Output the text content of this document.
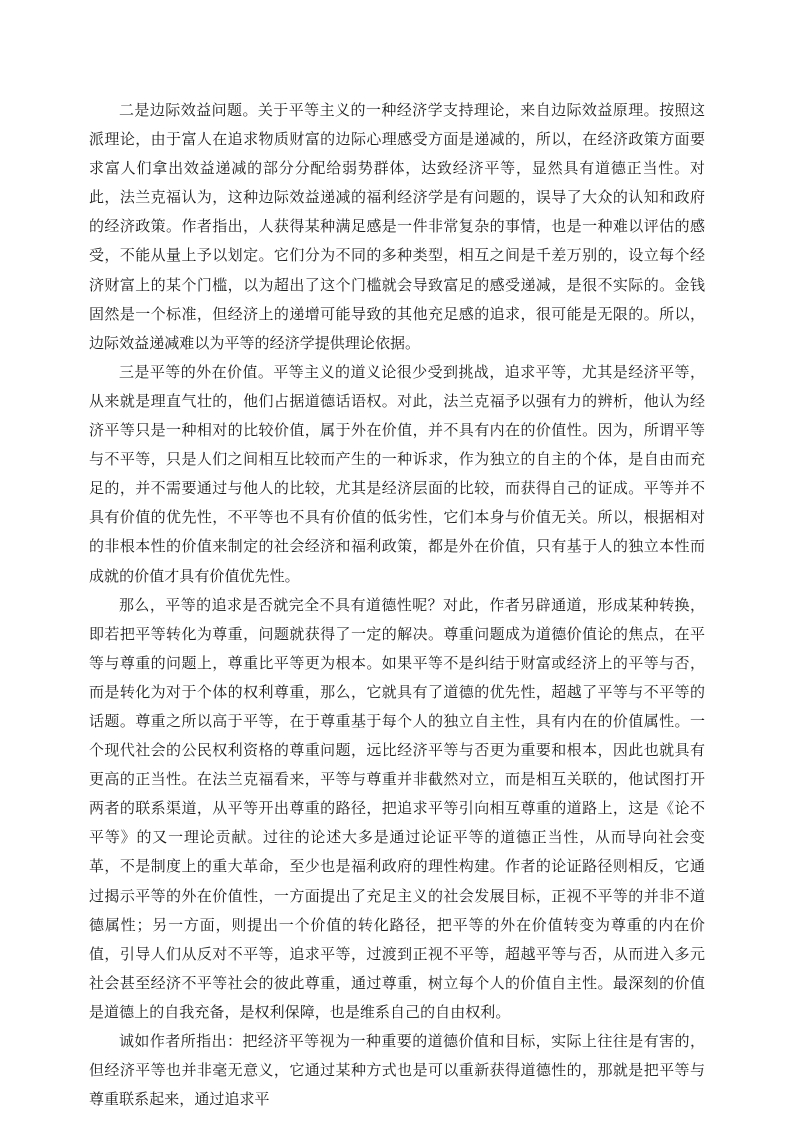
二是边际效益问题。关于平等主义的一种经济学支持理论，来自边际效益原理。按照这派理论，由于富人在追求物质财富的边际心理感受方面是递减的，所以，在经济政策方面要求富人们拿出效益递减的部分分配给弱势群体，达致经济平等，显然具有道德正当性。对此，法兰克福认为，这种边际效益递减的福利经济学是有问题的，误导了大众的认知和政府的经济政策。作者指出，人获得某种满足感是一件非常复杂的事情，也是一种难以评估的感受，不能从量上予以划定。它们分为不同的多种类型，相互之间是千差万别的，设立每个经济财富上的某个门槛，以为超出了这个门槛就会导致富足的感受递减，是很不实际的。金钱固然是一个标准，但经济上的递增可能导致的其他充足感的追求，很可能是无限的。所以，边际效益递减难以为平等的经济学提供理论依据。

三是平等的外在价值。平等主义的道义论很少受到挑战，追求平等，尤其是经济平等，从来就是理直气壮的，他们占据道德话语权。对此，法兰克福予以强有力的辨析，他认为经济平等只是一种相对的比较价值，属于外在价值，并不具有内在的价值性。因为，所谓平等与不平等，只是人们之间相互比较而产生的一种诉求，作为独立的自主的个体，是自由而充足的，并不需要通过与他人的比较，尤其是经济层面的比较，而获得自己的证成。平等并不具有价值的优先性，不平等也不具有价值的低劣性，它们本身与价值无关。所以，根据相对的非根本性的价值来制定的社会经济和福利政策，都是外在价值，只有基于人的独立本性而成就的价值才具有价值优先性。

那么，平等的追求是否就完全不具有道德性呢？对此，作者另辟通道，形成某种转换，即若把平等转化为尊重，问题就获得了一定的解决。尊重问题成为道德价值论的焦点，在平等与尊重的问题上，尊重比平等更为根本。如果平等不是纠结于财富或经济上的平等与否，而是转化为对于个体的权利尊重，那么，它就具有了道德的优先性，超越了平等与不平等的话题。尊重之所以高于平等，在于尊重基于每个人的独立自主性，具有内在的价值属性。一个现代社会的公民权利资格的尊重问题，远比经济平等与否更为重要和根本，因此也就具有更高的正当性。在法兰克福看来，平等与尊重并非截然对立，而是相互关联的，他试图打开两者的联系渠道，从平等开出尊重的路径，把追求平等引向相互尊重的道路上，这是《论不平等》的又一理论贡献。过往的论述大多是通过论证平等的道德正当性，从而导向社会变革，不是制度上的重大革命，至少也是福利政府的理性构建。作者的论证路径则相反，它通过揭示平等的外在价值性，一方面提出了充足主义的社会发展目标，正视不平等的并非不道德属性；另一方面，则提出一个价值的转化路径，把平等的外在价值转变为尊重的内在价值，引导人们从反对不平等，追求平等，过渡到正视不平等，超越平等与否，从而进入多元社会甚至经济不平等社会的彼此尊重，通过尊重，树立每个人的价值自主性。最深刻的价值是道德上的自我充备，是权利保障，也是维系自己的自由权利。

诚如作者所指出：把经济平等视为一种重要的道德价值和目标，实际上往往是有害的，但经济平等也并非毫无意义，它通过某种方式也是可以重新获得道德性的，那就是把平等与尊重联系起来，通过追求平
